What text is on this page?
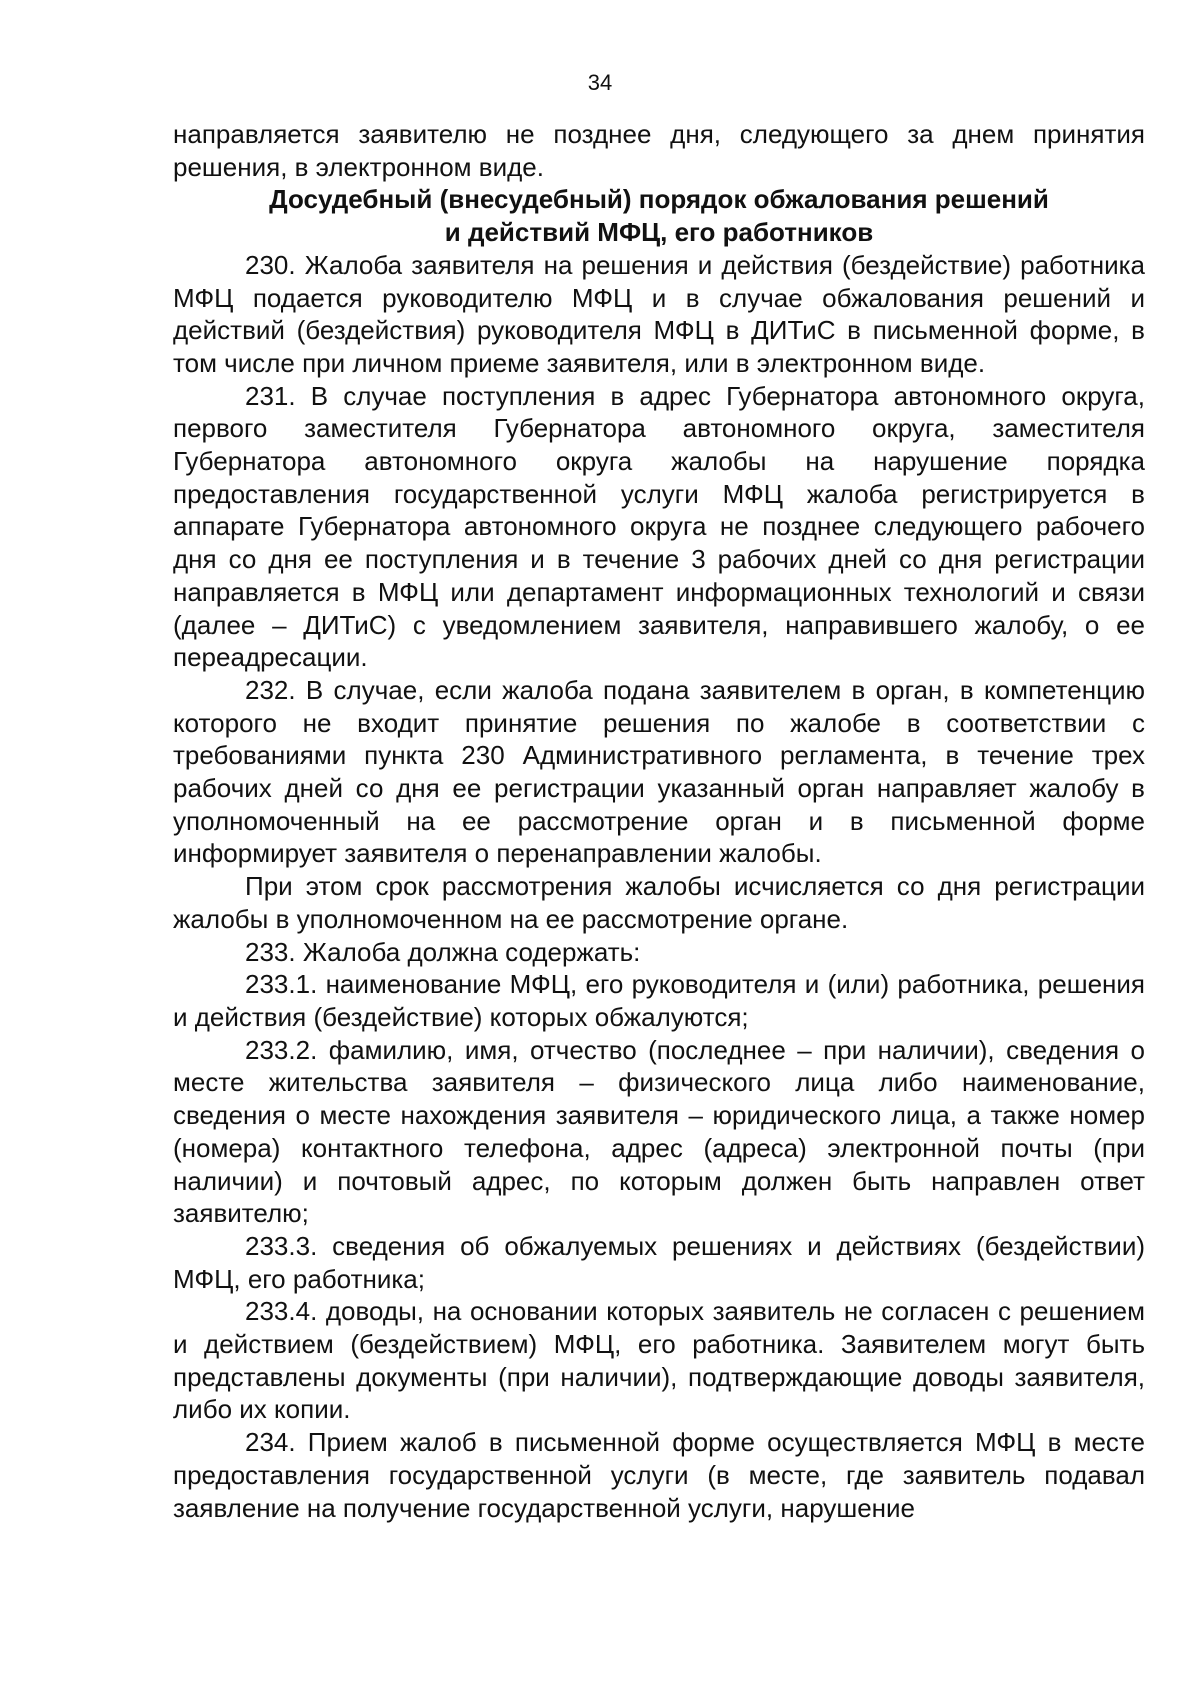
34

направляется заявителю не позднее дня, следующего за днем принятия решения, в электронном виде.

Досудебный (внесудебный) порядок обжалования решений
и действий МФЦ, его работников

230. Жалоба заявителя на решения и действия (бездействие) работника МФЦ подается руководителю МФЦ и в случае обжалования решений и действий (бездействия) руководителя МФЦ в ДИТиС в письменной форме, в том числе при личном приеме заявителя, или в электронном виде.

231. В случае поступления в адрес Губернатора автономного округа, первого заместителя Губернатора автономного округа, заместителя Губернатора автономного округа жалобы на нарушение порядка предоставления государственной услуги МФЦ жалоба регистрируется в аппарате Губернатора автономного округа не позднее следующего рабочего дня со дня ее поступления и в течение 3 рабочих дней со дня регистрации направляется в МФЦ или департамент информационных технологий и связи (далее – ДИТиС) с уведомлением заявителя, направившего жалобу, о ее переадресации.

232. В случае, если жалоба подана заявителем в орган, в компетенцию которого не входит принятие решения по жалобе в соответствии с требованиями пункта 230 Административного регламента, в течение трех рабочих дней со дня ее регистрации указанный орган направляет жалобу в уполномоченный на ее рассмотрение орган и в письменной форме информирует заявителя о перенаправлении жалобы.

При этом срок рассмотрения жалобы исчисляется со дня регистрации жалобы в уполномоченном на ее рассмотрение органе.

233. Жалоба должна содержать:

233.1. наименование МФЦ, его руководителя и (или) работника, решения и действия (бездействие) которых обжалуются;

233.2. фамилию, имя, отчество (последнее – при наличии), сведения о месте жительства заявителя – физического лица либо наименование, сведения о месте нахождения заявителя – юридического лица, а также номер (номера) контактного телефона, адрес (адреса) электронной почты (при наличии) и почтовый адрес, по которым должен быть направлен ответ заявителю;

233.3. сведения об обжалуемых решениях и действиях (бездействии) МФЦ, его работника;

233.4. доводы, на основании которых заявитель не согласен с решением и действием (бездействием) МФЦ, его работника. Заявителем могут быть представлены документы (при наличии), подтверждающие доводы заявителя, либо их копии.

234. Прием жалоб в письменной форме осуществляется МФЦ в месте предоставления государственной услуги (в месте, где заявитель подавал заявление на получение государственной услуги, нарушение
